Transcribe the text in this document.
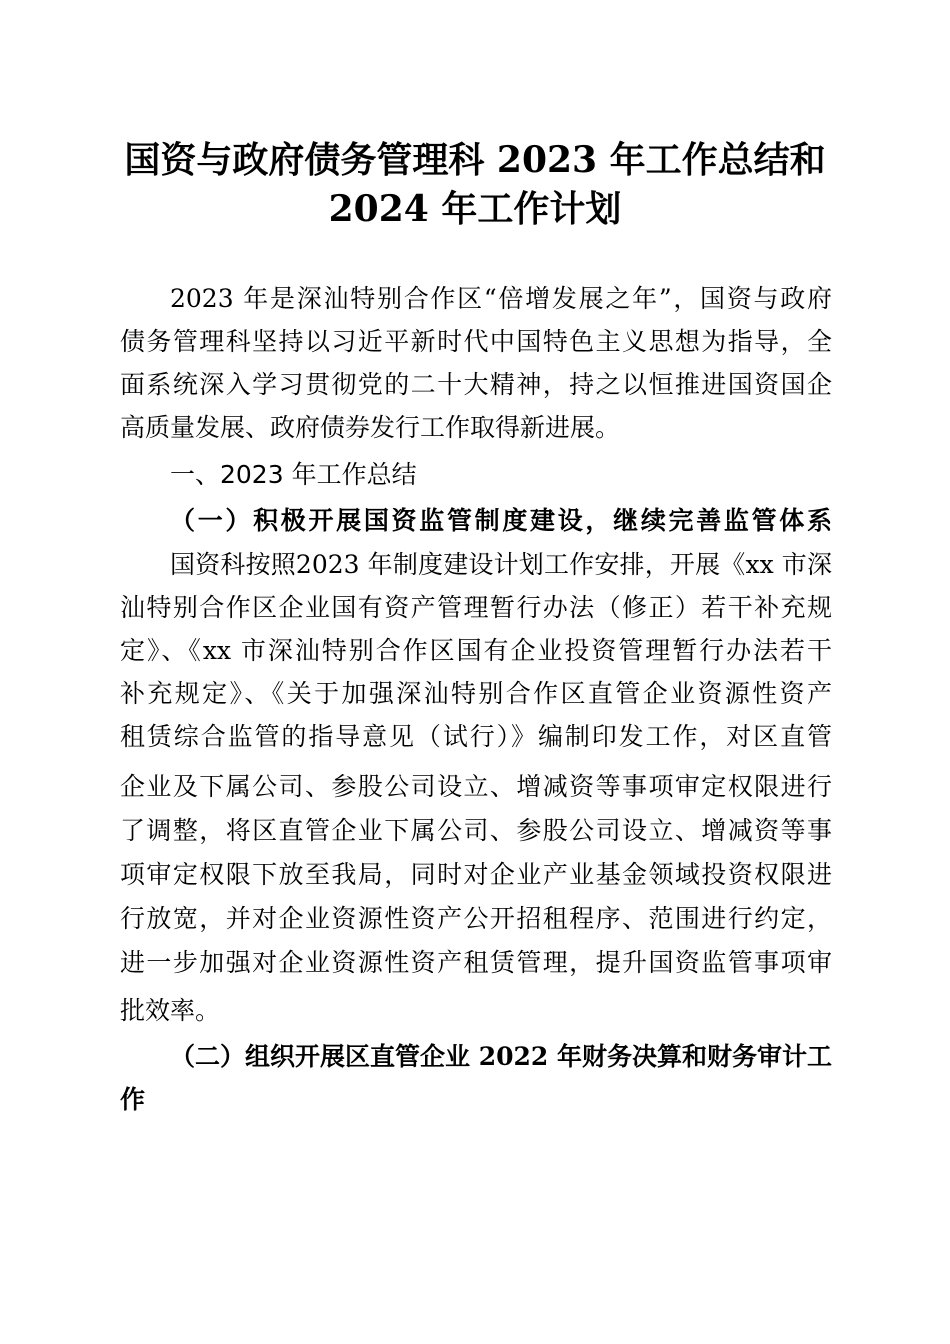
国资与政府债务管理科 2023 年工作总结和
2024 年工作计划
2023 年是深汕特别合作区“倍增发展之年”，国资与政府
债务管理科坚持以习近平新时代中国特色主义思想为指导，全
面系统深入学习贯彻党的二十大精神，持之以恒推进国资国企
高质量发展、政府债券发行工作取得新进展。
一、2023 年工作总结
（一）积极开展国资监管制度建设，继续完善监管体系
国资科按照2023 年制度建设计划工作安排，开展《xx 市深
汕特别合作区企业国有资产管理暂行办法（修正）若干补充规
定》、《xx 市深汕特别合作区国有企业投资管理暂行办法若干
补充规定》、《关于加强深汕特别合作区直管企业资源性资产
租赁综合监管的指导意见（试行）》编制印发工作，对区直管
企业及下属公司、参股公司设立、增减资等事项审定权限进行
了调整，将区直管企业下属公司、参股公司设立、增减资等事
项审定权限下放至我局，同时对企业产业基金领域投资权限进
行放宽，并对企业资源性资产公开招租程序、范围进行约定，
进一步加强对企业资源性资产租赁管理，提升国资监管事项审
批效率。
（二）组织开展区直管企业 2022 年财务决算和财务审计工
作
